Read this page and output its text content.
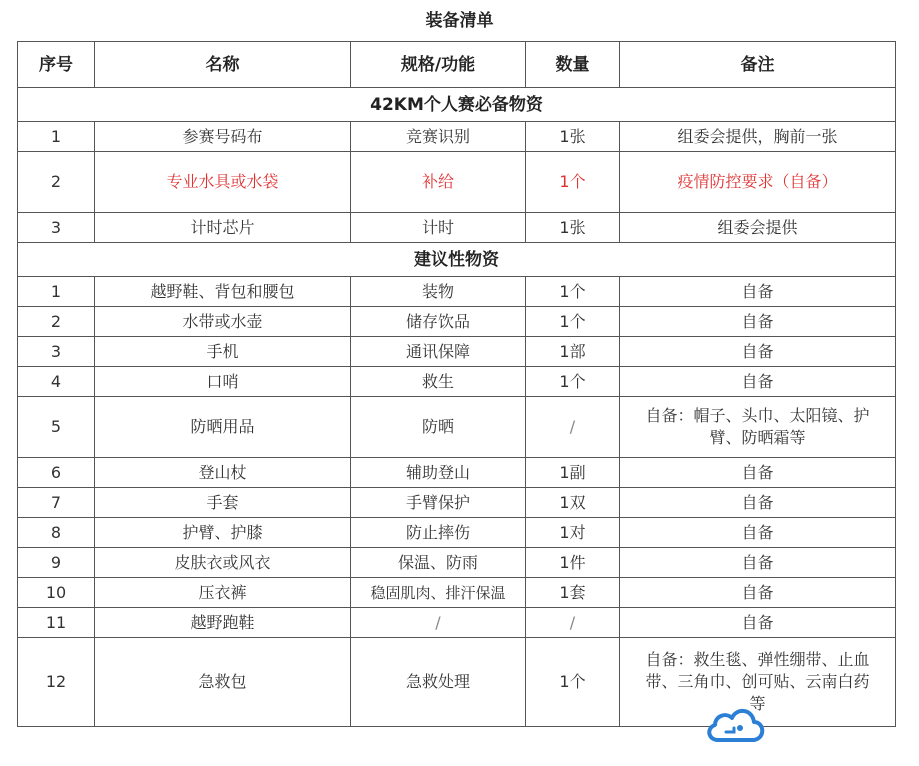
装备清单
序号	名称	规格/功能	数量	备注
42KM个人赛必备物资				
1	参赛号码布	竞赛识别	1张	组委会提供，胸前一张
2	专业水具或水袋	补给	1个	疫情防控要求（自备）
3	计时芯片	计时	1张	组委会提供
建议性物资				
1	越野鞋、背包和腰包	装物	1个	自备
2	水带或水壶	储存饮品	1个	自备
3	手机	通讯保障	1部	自备
4	口哨	救生	1个	自备
5	防晒用品	防晒	/	自备：帽子、头巾、太阳镜、护
臂、防晒霜等

6	登山杖	辅助登山	1副	自备
7	手套	手臂保护	1双	自备
8	护臂、护膝	防止摔伤	1对	自备
9	皮肤衣或风衣	保温、防雨	1件	自备
10	压衣裤	稳固肌肉、排汗保温	1套	自备
11	越野跑鞋	/	/	自备
12	急救包	急救处理	1个	自备：救生毯、弹性绷带、止血
带、三角巾、创可贴、云南白药
等
